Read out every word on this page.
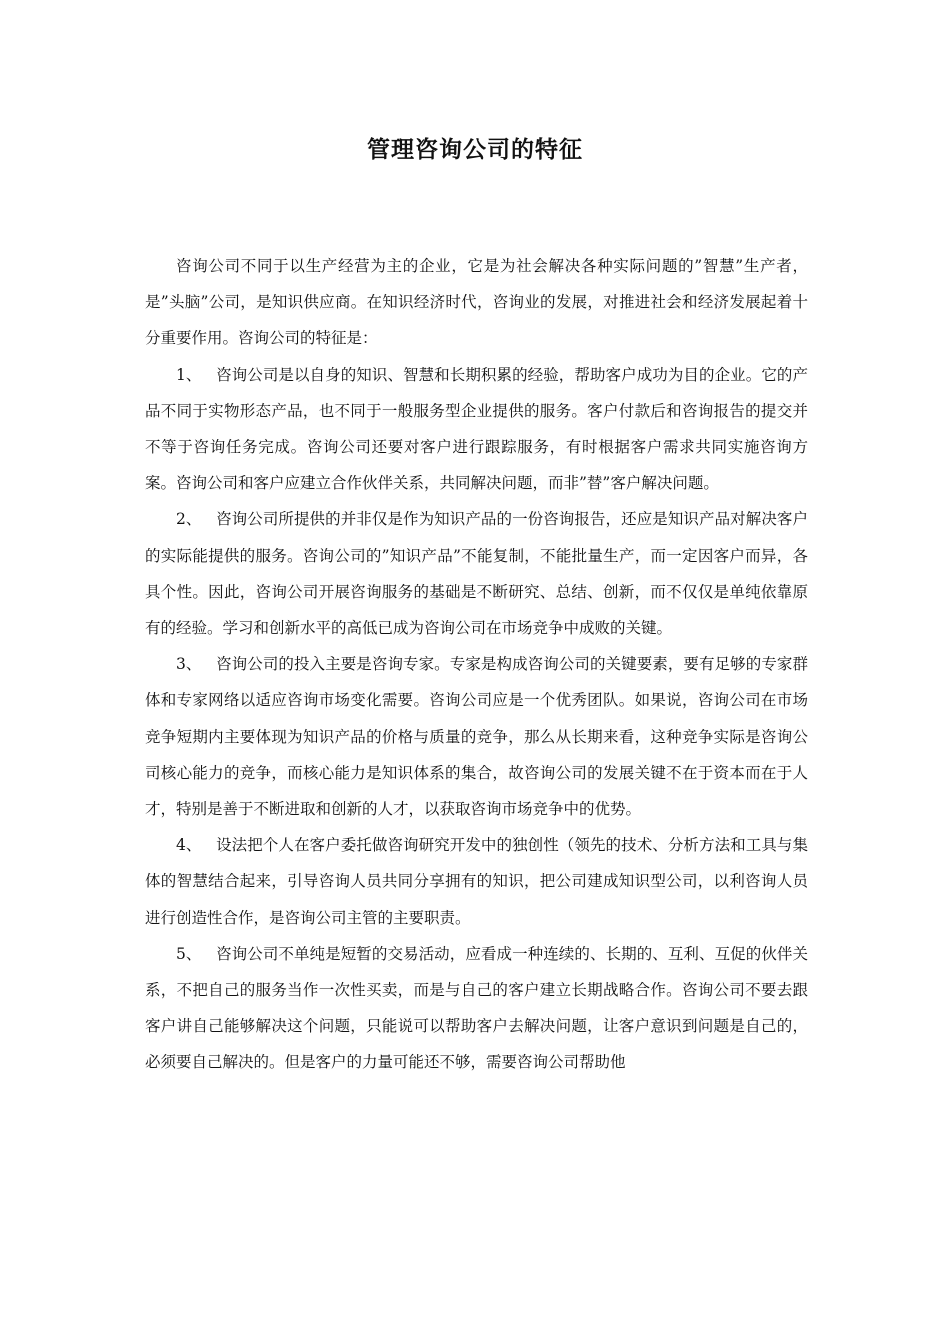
管理咨询公司的特征

咨询公司不同于以生产经营为主的企业，它是为社会解决各种实际问题的”智慧”生产者，是”头脑”公司，是知识供应商。在知识经济时代，咨询业的发展，对推进社会和经济发展起着十分重要作用。咨询公司的特征是：

1、 咨询公司是以自身的知识、智慧和长期积累的经验，帮助客户成功为目的企业。它的产品不同于实物形态产品，也不同于一般服务型企业提供的服务。客户付款后和咨询报告的提交并不等于咨询任务完成。咨询公司还要对客户进行跟踪服务，有时根据客户需求共同实施咨询方案。咨询公司和客户应建立合作伙伴关系，共同解决问题，而非”替”客户解决问题。

2、 咨询公司所提供的并非仅是作为知识产品的一份咨询报告，还应是知识产品对解决客户的实际能提供的服务。咨询公司的”知识产品”不能复制，不能批量生产，而一定因客户而异，各具个性。因此，咨询公司开展咨询服务的基础是不断研究、总结、创新，而不仅仅是单纯依靠原有的经验。学习和创新水平的高低已成为咨询公司在市场竞争中成败的关键。

3、 咨询公司的投入主要是咨询专家。专家是构成咨询公司的关键要素，要有足够的专家群体和专家网络以适应咨询市场变化需要。咨询公司应是一个优秀团队。如果说，咨询公司在市场竞争短期内主要体现为知识产品的价格与质量的竞争，那么从长期来看，这种竞争实际是咨询公司核心能力的竞争，而核心能力是知识体系的集合，故咨询公司的发展关键不在于资本而在于人才，特别是善于不断进取和创新的人才，以获取咨询市场竞争中的优势。

4、 设法把个人在客户委托做咨询研究开发中的独创性（领先的技术、分析方法和工具与集体的智慧结合起来，引导咨询人员共同分享拥有的知识，把公司建成知识型公司，以利咨询人员进行创造性合作，是咨询公司主管的主要职责。

5、 咨询公司不单纯是短暂的交易活动，应看成一种连续的、长期的、互利、互促的伙伴关系，不把自己的服务当作一次性买卖，而是与自己的客户建立长期战略合作。咨询公司不要去跟客户讲自己能够解决这个问题，只能说可以帮助客户去解决问题，让客户意识到问题是自己的，必须要自己解决的。但是客户的力量可能还不够，需要咨询公司帮助他
